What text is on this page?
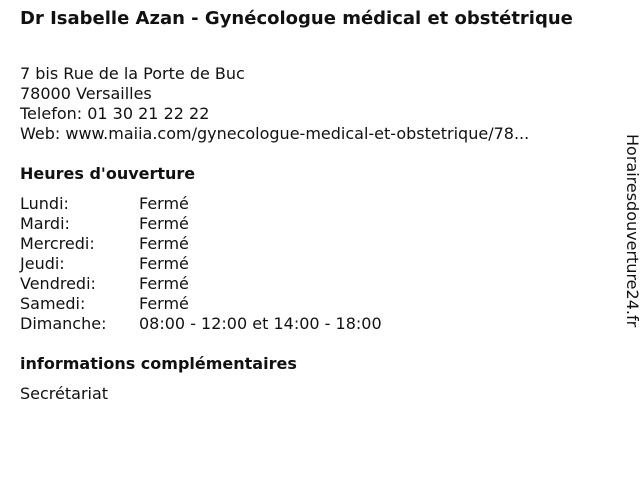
Dr Isabelle Azan - Gynécologue médical et obstétrique
7 bis Rue de la Porte de Buc
78000 Versailles
Telefon: 01 30 21 22 22
Web: www.maiia.com/gynecologue-medical-et-obstetrique/78...
Heures d'ouverture
Lundi:	Fermé
Mardi:	Fermé
Mercredi:	Fermé
Jeudi:	Fermé
Vendredi:	Fermé
Samedi:	Fermé
Dimanche:	08:00 - 12:00 et 14:00 - 18:00
informations complémentaires
Secrétariat
Horairesdouverture24.fr
